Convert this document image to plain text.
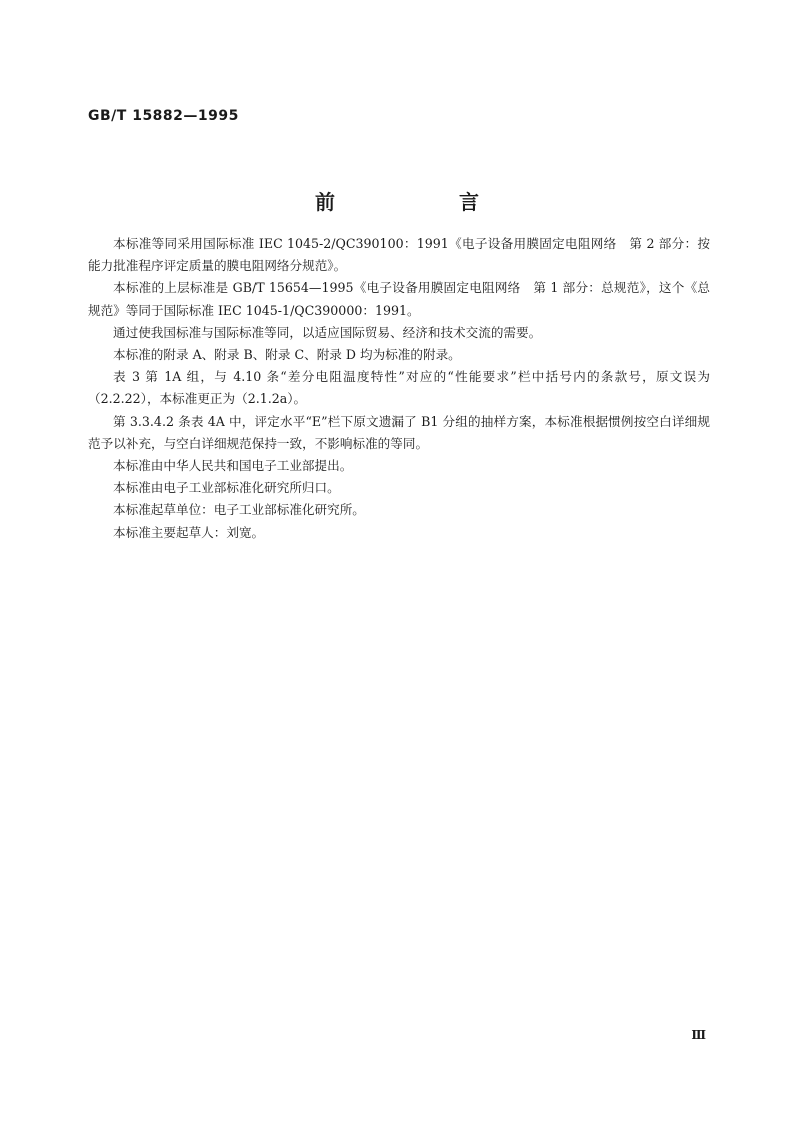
GB/T 15882—1995
前　言

本标准等同采用国际标准 IEC 1045-2/QC390100：1991《电子设备用膜固定电阻网络　第 2 部分：按能力批准程序评定质量的膜电阻网络分规范》。

本标准的上层标准是 GB/T 15654—1995《电子设备用膜固定电阻网络　第 1 部分：总规范》，这个《总规范》等同于国际标准 IEC 1045-1/QC390000：1991。

通过使我国标准与国际标准等同，以适应国际贸易、经济和技术交流的需要。

本标准的附录 A、附录 B、附录 C、附录 D 均为标准的附录。

表 3 第 1A 组，与 4.10 条“差分电阻温度特性”对应的“性能要求”栏中括号内的条款号，原文误为（2.2.22），本标准更正为（2.1.2a）。

第 3.3.4.2 条表 4A 中，评定水平“E”栏下原文遗漏了 B1 分组的抽样方案，本标准根据惯例按空白详细规范予以补充，与空白详细规范保持一致，不影响标准的等同。

本标准由中华人民共和国电子工业部提出。

本标准由电子工业部标准化研究所归口。

本标准起草单位：电子工业部标准化研究所。

本标准主要起草人：刘宽。

Ⅲ
